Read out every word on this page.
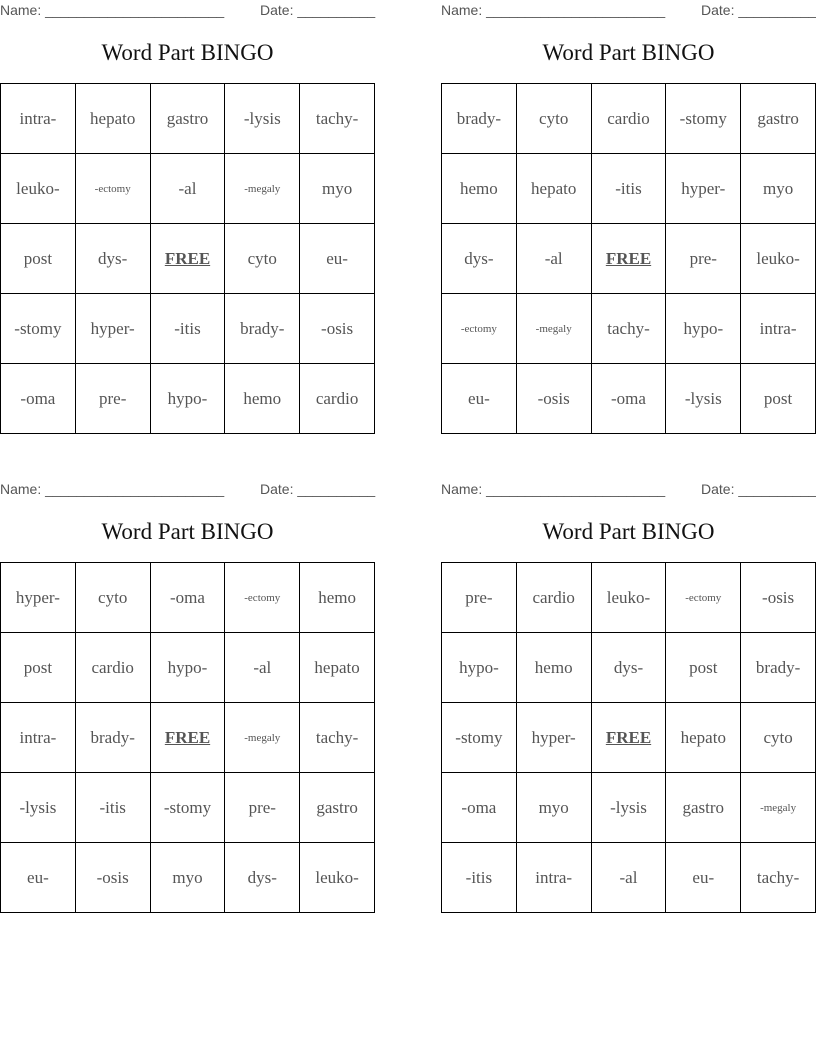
Name: _______________________	Date: __________
Word Part BINGO
intra-	hepato	gastro	-lysis	tachy-
leuko-	-ectomy	-al	-megaly	myo
post	dys-	FREE	cyto	eu-
-stomy	hyper-	-itis	brady-	-osis
-oma	pre-	hypo-	hemo	cardio
Name: _______________________	Date: __________
Word Part BINGO
brady-	cyto	cardio	-stomy	gastro
hemo	hepato	-itis	hyper-	myo
dys-	-al	FREE	pre-	leuko-
-ectomy	-megaly	tachy-	hypo-	intra-
eu-	-osis	-oma	-lysis	post
Name: _______________________	Date: __________
Word Part BINGO
hyper-	cyto	-oma	-ectomy	hemo
post	cardio	hypo-	-al	hepato
intra-	brady-	FREE	-megaly	tachy-
-lysis	-itis	-stomy	pre-	gastro
eu-	-osis	myo	dys-	leuko-
Name: _______________________	Date: __________
Word Part BINGO
pre-	cardio	leuko-	-ectomy	-osis
hypo-	hemo	dys-	post	brady-
-stomy	hyper-	FREE	hepato	cyto
-oma	myo	-lysis	gastro	-megaly
-itis	intra-	-al	eu-	tachy-
